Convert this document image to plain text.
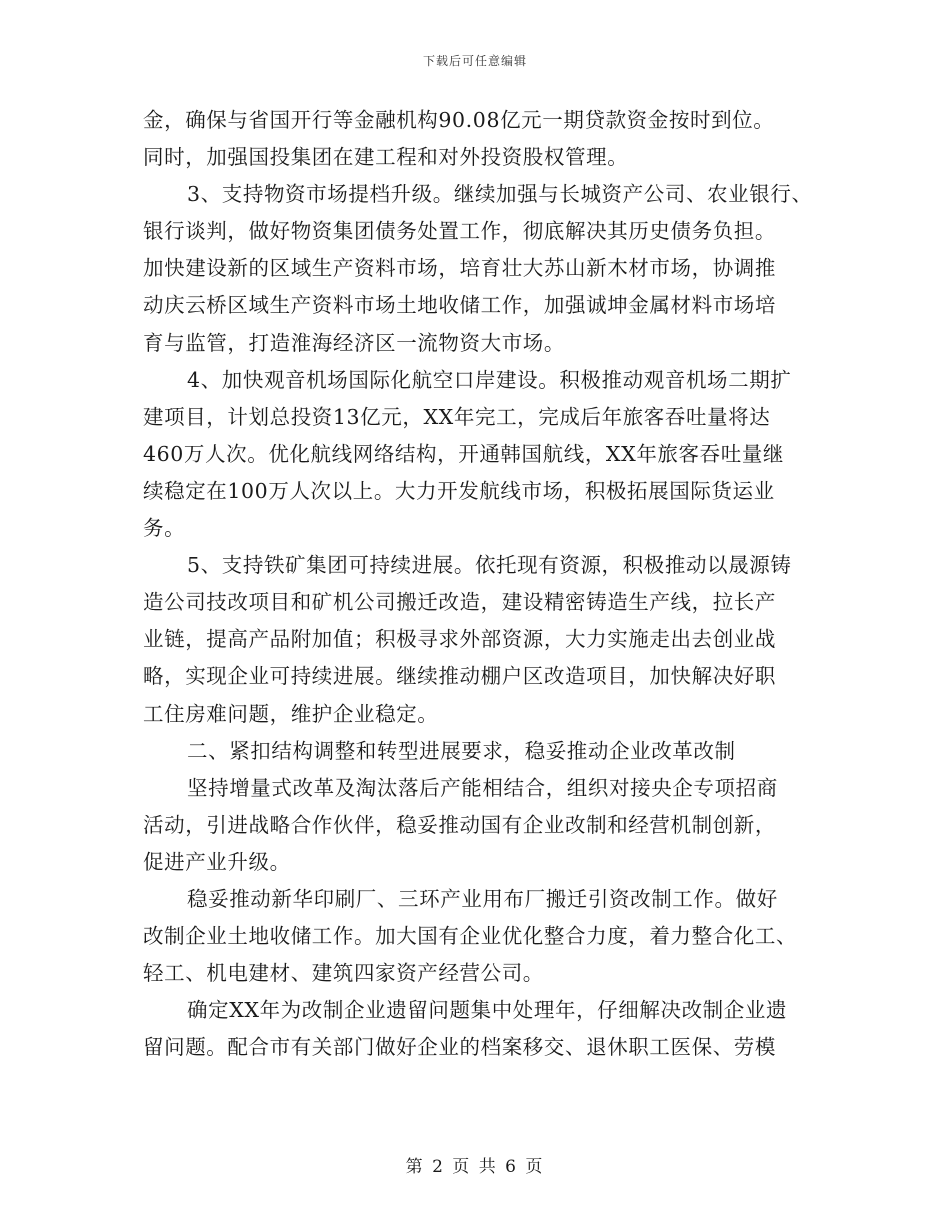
下载后可任意编辑
金，确保与省国开行等金融机构90.08亿元一期贷款资金按时到位。
同时，加强国投集团在建工程和对外投资股权管理。
3、支持物资市场提档升级。继续加强与长城资产公司、农业银行、
银行谈判，做好物资集团债务处置工作，彻底解决其历史债务负担。
加快建设新的区域生产资料市场，培育壮大苏山新木材市场，协调推
动庆云桥区域生产资料市场土地收储工作，加强诚坤金属材料市场培
育与监管，打造淮海经济区一流物资大市场。
4、加快观音机场国际化航空口岸建设。积极推动观音机场二期扩
建项目，计划总投资13亿元，XX年完工，完成后年旅客吞吐量将达
460万人次。优化航线网络结构，开通韩国航线，XX年旅客吞吐量继
续稳定在100万人次以上。大力开发航线市场，积极拓展国际货运业
务。
5、支持铁矿集团可持续进展。依托现有资源，积极推动以晟源铸
造公司技改项目和矿机公司搬迁改造，建设精密铸造生产线，拉长产
业链，提高产品附加值；积极寻求外部资源，大力实施走出去创业战
略，实现企业可持续进展。继续推动棚户区改造项目，加快解决好职
工住房难问题，维护企业稳定。
二、紧扣结构调整和转型进展要求，稳妥推动企业改革改制
坚持增量式改革及淘汰落后产能相结合，组织对接央企专项招商
活动，引进战略合作伙伴，稳妥推动国有企业改制和经营机制创新，
促进产业升级。
稳妥推动新华印刷厂、三环产业用布厂搬迁引资改制工作。做好
改制企业土地收储工作。加大国有企业优化整合力度，着力整合化工、
轻工、机电建材、建筑四家资产经营公司。
确定XX年为改制企业遗留问题集中处理年，仔细解决改制企业遗
留问题。配合市有关部门做好企业的档案移交、退休职工医保、劳模
第 2 页 共 6 页
